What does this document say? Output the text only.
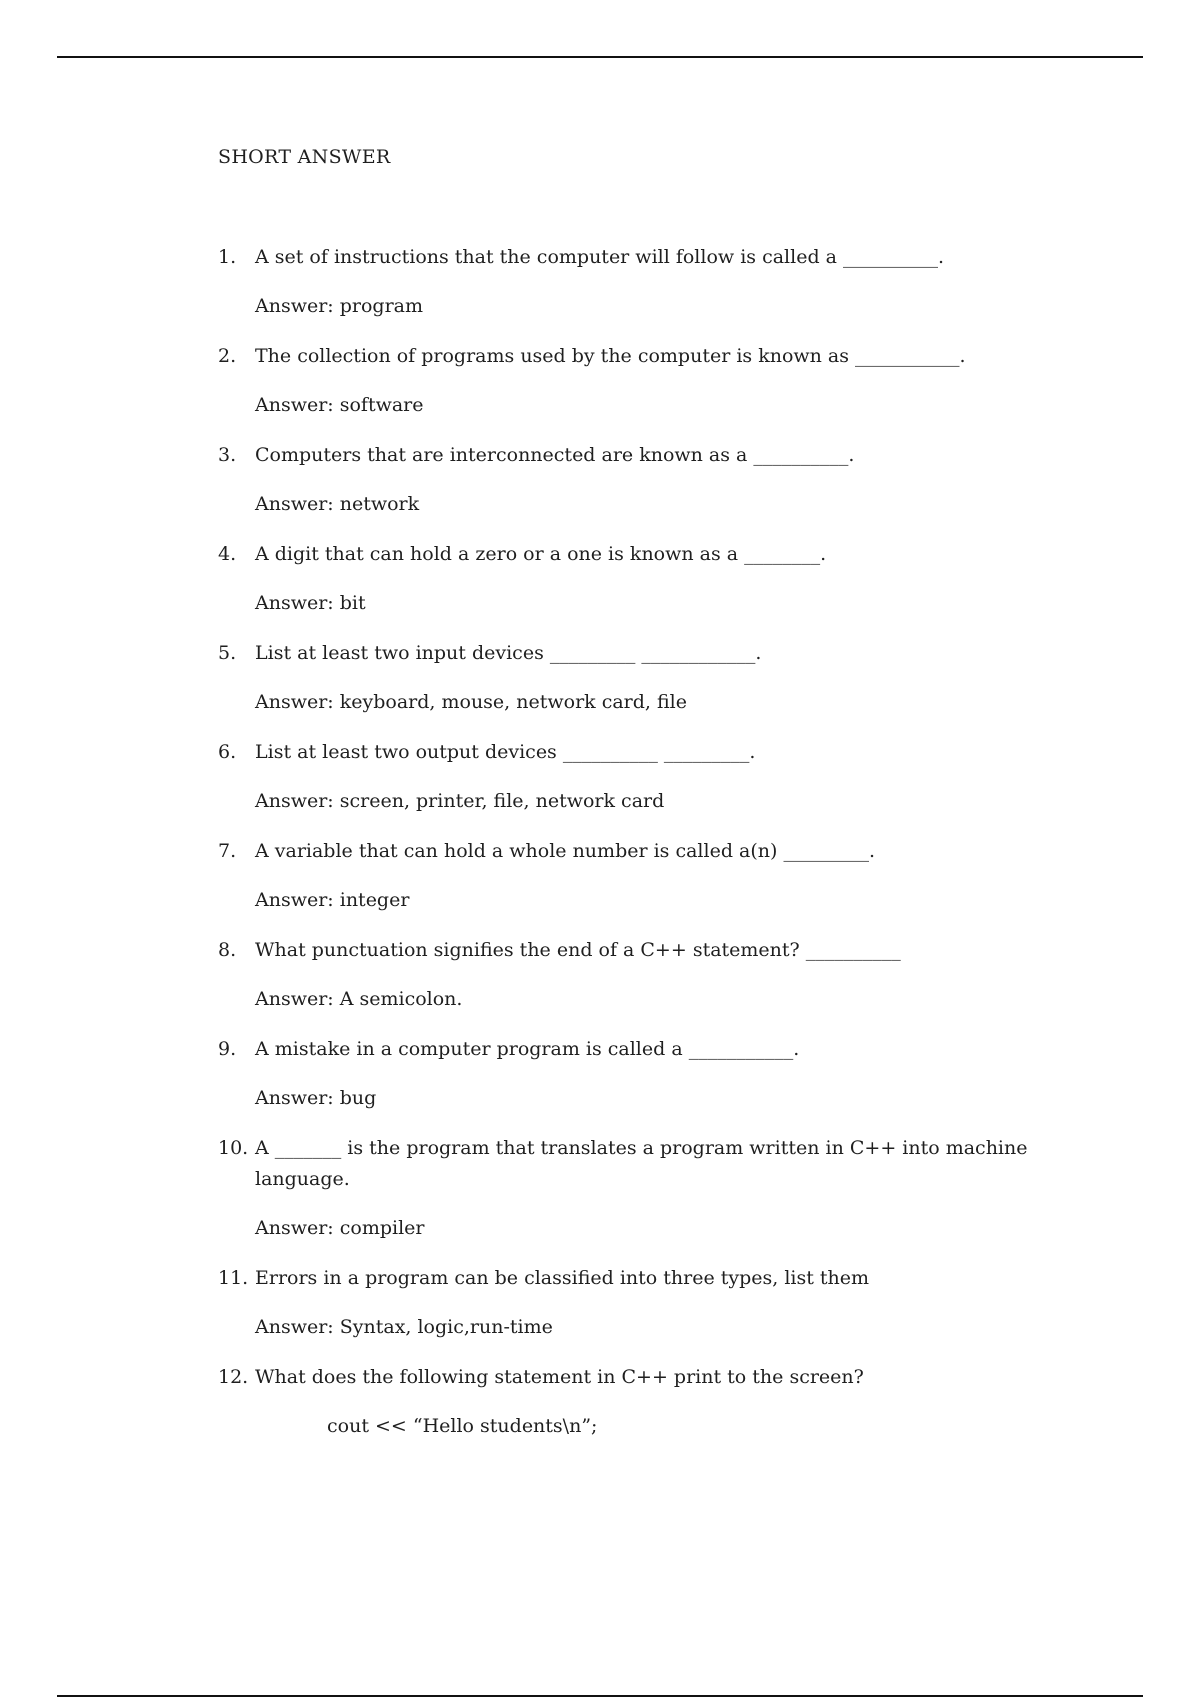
SHORT ANSWER
1. A set of instructions that the computer will follow is called a __________.
Answer: program
2. The collection of programs used by the computer is known as ___________.
Answer: software
3. Computers that are interconnected are known as a __________.
Answer: network
4. A digit that can hold a zero or a one is known as a ________.
Answer: bit
5. List at least two input devices _________ ____________.
Answer: keyboard, mouse, network card, file
6. List at least two output devices __________ _________.
Answer: screen, printer, file, network card
7. A variable that can hold a whole number is called a(n) _________.
Answer: integer
8. What punctuation signifies the end of a C++ statement? __________
Answer: A semicolon.
9. A mistake in a computer program is called a ___________.
Answer: bug
10. A _______ is the program that translates a program written in C++ into machine language.
Answer: compiler
11. Errors in a program can be classified into three types, list them
Answer: Syntax, logic,run-time
12. What does the following statement in C++ print to the screen?
cout << “Hello students\n”;
